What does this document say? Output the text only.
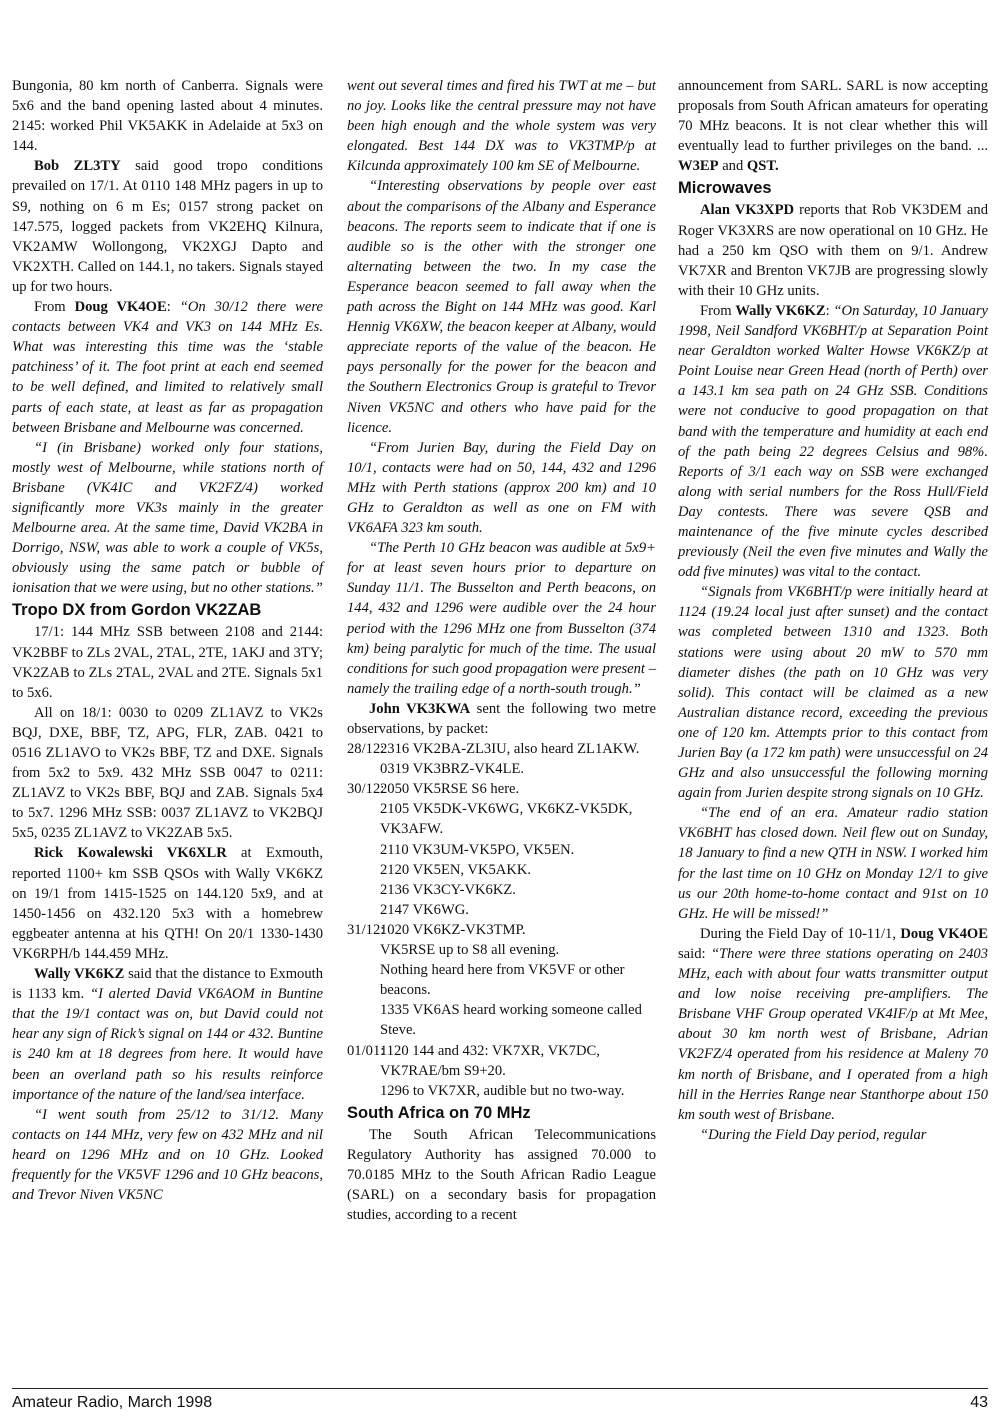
Bungonia, 80 km north of Canberra. Signals were 5x6 and the band opening lasted about 4 minutes. 2145: worked Phil VK5AKK in Adelaide at 5x3 on 144.

Bob ZL3TY said good tropo conditions prevailed on 17/1. At 0110 148 MHz pagers in up to S9, nothing on 6 m Es; 0157 strong packet on 147.575, logged packets from VK2EHQ Kilnura, VK2AMW Wollongong, VK2XGJ Dapto and VK2XTH. Called on 144.1, no takers. Signals stayed up for two hours.

From Doug VK4OE: “On 30/12 there were contacts between VK4 and VK3 on 144 MHz Es. What was interesting this time was the ‘stable patchiness’ of it. The foot print at each end seemed to be well defined, and limited to relatively small parts of each state, at least as far as propagation between Brisbane and Melbourne was concerned.

“I (in Brisbane) worked only four stations, mostly west of Melbourne, while stations north of Brisbane (VK4IC and VK2FZ/4) worked significantly more VK3s mainly in the greater Melbourne area. At the same time, David VK2BA in Dorrigo, NSW, was able to work a couple of VK5s, obviously using the same patch or bubble of ionisation that we were using, but no other stations.”

Tropo DX from Gordon VK2ZAB

17/1: 144 MHz SSB between 2108 and 2144: VK2BBF to ZLs 2VAL, 2TAL, 2TE, 1AKJ and 3TY; VK2ZAB to ZLs 2TAL, 2VAL and 2TE. Signals 5x1 to 5x6.

All on 18/1: 0030 to 0209 ZL1AVZ to VK2s BQJ, DXE, BBF, TZ, APG, FLR, ZAB. 0421 to 0516 ZL1AVO to VK2s BBF, TZ and DXE. Signals from 5x2 to 5x9. 432 MHz SSB 0047 to 0211: ZL1AVZ to VK2s BBF, BQJ and ZAB. Signals 5x4 to 5x7. 1296 MHz SSB: 0037 ZL1AVZ to VK2BQJ 5x5, 0235 ZL1AVZ to VK2ZAB 5x5.

Rick Kowalewski VK6XLR at Exmouth, reported 1100+ km SSB QSOs with Wally VK6KZ on 19/1 from 1415-1525 on 144.120 5x9, and at 1450-1456 on 432.120 5x3 with a homebrew eggbeater antenna at his QTH! On 20/1 1330-1430 VK6RPH/b 144.459 MHz.

Wally VK6KZ said that the distance to Exmouth is 1133 km. “I alerted David VK6AOM in Buntine that the 19/1 contact was on, but David could not hear any sign of Rick’s signal on 144 or 432. Buntine is 240 km at 18 degrees from here. It would have been an overland path so his results reinforce importance of the nature of the land/sea interface.

“I went south from 25/12 to 31/12. Many contacts on 144 MHz, very few on 432 MHz and nil heard on 1296 MHz and on 10 GHz. Looked frequently for the VK5VF 1296 and 10 GHz beacons, and Trevor Niven VK5NC

went out several times and fired his TWT at me – but no joy. Looks like the central pressure may not have been high enough and the whole system was very elongated. Best 144 DX was to VK3TMP/p at Kilcunda approximately 100 km SE of Melbourne.

“Interesting observations by people over east about the comparisons of the Albany and Esperance beacons. The reports seem to indicate that if one is audible so is the other with the stronger one alternating between the two. In my case the Esperance beacon seemed to fall away when the path across the Bight on 144 MHz was good. Karl Hennig VK6XW, the beacon keeper at Albany, would appreciate reports of the value of the beacon. He pays personally for the power for the beacon and the Southern Electronics Group is grateful to Trevor Niven VK5NC and others who have paid for the licence.

“From Jurien Bay, during the Field Day on 10/1, contacts were had on 50, 144, 432 and 1296 MHz with Perth stations (approx 200 km) and 10 GHz to Geraldton as well as one on FM with VK6AFA 323 km south.

“The Perth 10 GHz beacon was audible at 5x9+ for at least seven hours prior to departure on Sunday 11/1. The Busselton and Perth beacons, on 144, 432 and 1296 were audible over the 24 hour period with the 1296 MHz one from Busselton (374 km) being paralytic for much of the time. The usual conditions for such good propagation were present – namely the trailing edge of a north-south trough.”

John VK3KWA sent the following two metre observations, by packet:

28/12:
2316 VK2BA-ZL3IU, also heard ZL1AKW.
0319 VK3BRZ-VK4LE.
30/12:
2050 VK5RSE S6 here.
2105 VK5DK-VK6WG, VK6KZ-VK5DK, VK3AFW.
2110 VK3UM-VK5PO, VK5EN.
2120 VK5EN, VK5AKK.
2136 VK3CY-VK6KZ.
2147 VK6WG.
31/12:
1020 VK6KZ-VK3TMP.
VK5RSE up to S8 all evening.
Nothing heard here from VK5VF or other beacons.
1335 VK6AS heard working someone called Steve.
01/01:
1120 144 and 432: VK7XR, VK7DC, VK7RAE/bm S9+20.
1296 to VK7XR, audible but no two-way.
South Africa on 70 MHz

The South African Telecommunications Regulatory Authority has assigned 70.000 to 70.0185 MHz to the South African Radio League (SARL) on a secondary basis for propagation studies, according to a recent

announcement from SARL. SARL is now accepting proposals from South African amateurs for operating 70 MHz beacons. It is not clear whether this will eventually lead to further privileges on the band. ... W3EP and QST.

Microwaves

Alan VK3XPD reports that Rob VK3DEM and Roger VK3XRS are now operational on 10 GHz. He had a 250 km QSO with them on 9/1. Andrew VK7XR and Brenton VK7JB are progressing slowly with their 10 GHz units.

From Wally VK6KZ: “On Saturday, 10 January 1998, Neil Sandford VK6BHT/p at Separation Point near Geraldton worked Walter Howse VK6KZ/p at Point Louise near Green Head (north of Perth) over a 143.1 km sea path on 24 GHz SSB. Conditions were not conducive to good propagation on that band with the temperature and humidity at each end of the path being 22 degrees Celsius and 98%. Reports of 3/1 each way on SSB were exchanged along with serial numbers for the Ross Hull/Field Day contests. There was severe QSB and maintenance of the five minute cycles described previously (Neil the even five minutes and Wally the odd five minutes) was vital to the contact.

“Signals from VK6BHT/p were initially heard at 1124 (19.24 local just after sunset) and the contact was completed between 1310 and 1323. Both stations were using about 20 mW to 570 mm diameter dishes (the path on 10 GHz was very solid). This contact will be claimed as a new Australian distance record, exceeding the previous one of 120 km. Attempts prior to this contact from Jurien Bay (a 172 km path) were unsuccessful on 24 GHz and also unsuccessful the following morning again from Jurien despite strong signals on 10 GHz.

“The end of an era. Amateur radio station VK6BHT has closed down. Neil flew out on Sunday, 18 January to find a new QTH in NSW. I worked him for the last time on 10 GHz on Monday 12/1 to give us our 20th home-to-home contact and 91st on 10 GHz. He will be missed!”

During the Field Day of 10-11/1, Doug VK4OE said: “There were three stations operating on 2403 MHz, each with about four watts transmitter output and low noise receiving pre-amplifiers. The Brisbane VHF Group operated VK4IF/p at Mt Mee, about 30 km north west of Brisbane, Adrian VK2FZ/4 operated from his residence at Maleny 70 km north of Brisbane, and I operated from a high hill in the Herries Range near Stanthorpe about 150 km south west of Brisbane.

“During the Field Day period, regular

Amateur Radio, March 1998	43
